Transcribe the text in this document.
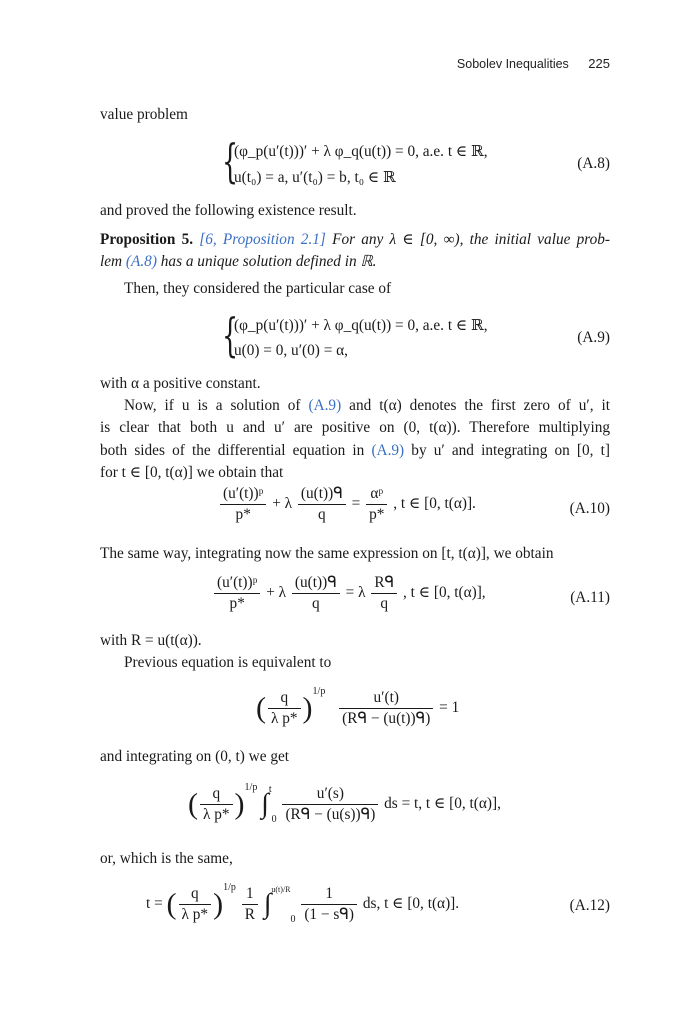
Sobolev Inequalities 225
value problem
{
(φ_p(u′(t)))′ + λ φ_q(u(t)) = 0, a.e. t ∈ ℝ,
u(t₀) = a, u′(t₀) = b, t₀ ∈ ℝ
(A.8)
and proved the following existence result.
Proposition 5. [6, Proposition 2.1] For any λ ∈ [0, ∞), the initial value prob-
lem (A.8) has a unique solution defined in ℝ.
Then, they considered the particular case of
{
(φ_p(u′(t)))′ + λ φ_q(u(t)) = 0, a.e. t ∈ ℝ,
u(0) = 0, u′(0) = α,
(A.9)
with α a positive constant.
Now, if u is a solution of (A.9) and t(α) denotes the first zero of u′, it
is clear that both u and u′ are positive on (0, t(α)). Therefore multiplying
both sides of the differential equation in (A.9) by u′ and integrating on [0, t]
for t ∈ [0, t(α)] we obtain that
$\frac{\text{(u′(t))ᵖ}}{p*} + \lambda \frac{\text{(u(t))ᑫ}}{q} = \frac{\text{αᵖ}}{p*}$ , t ∈ [0, t(α)].	(A.10)
The same way, integrating now the same expression on [t, t(α)], we obtain
$\frac{\text{(u′(t))ᵖ}}{p*} + \lambda \frac{\text{(u(t))ᑫ}}{q} = \lambda \frac{\text{Rᑫ}}{q}$ , t ∈ [0, t(α)],	(A.11)
with R = u(t(α)).
Previous equation is equivalent to
( $\frac{q}{\text{λ p*}} )^{1/p} \frac{u'(t)}{\text{(Rᑫ − (u(t))ᑫ)}} = 1$
and integrating on (0, t) we get
( $\frac{q}{\text{λ p*}} )^{1/p}$ $\int^t_0 \frac{u'(s)}{\text{(Rᑫ − (u(s))ᑫ)}}$ ds = t, t ∈ [0, t(α)],
or, which is the same,
t = ( $\frac{q}{\text{λ p*}} )^{1/p} \frac{1}{R} \int^{u(t)/R}_0 \frac{1}{\text{(1 − sᑫ)}}$ ds, t ∈ [0, t(α)].	(A.12)
